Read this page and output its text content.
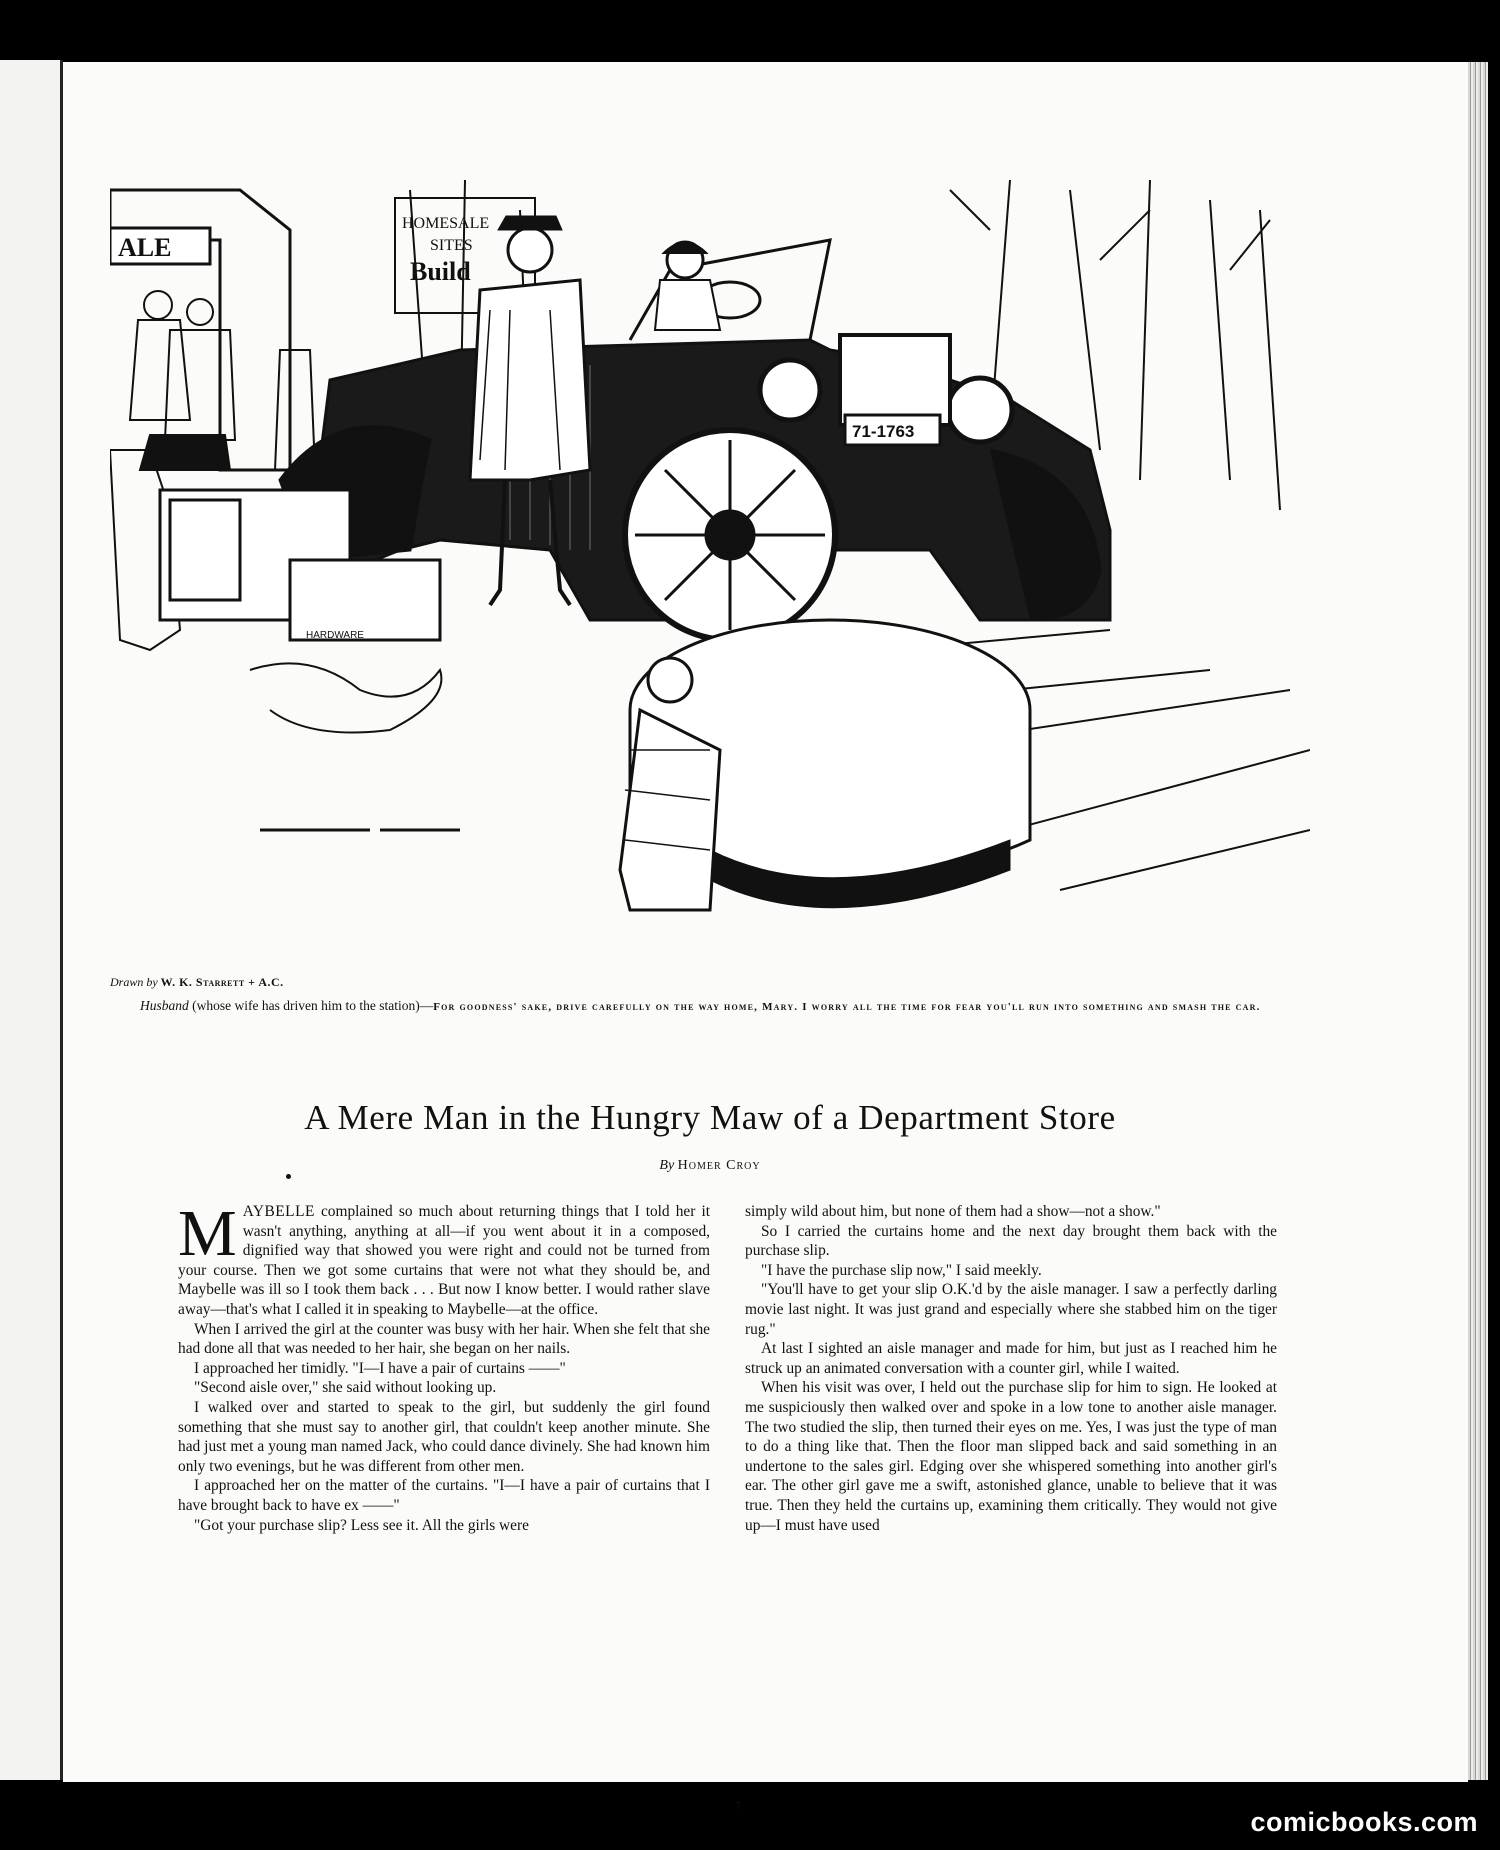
ALE
HOMESALE
SITES
Build
71-1763
HARDWARE
Drawn by W. K. Starrett + A.C.
Husband (whose wife has driven him to the station)—For goodness' sake, drive carefully on the way home, Mary. I worry all the time for fear you'll run into something and smash the car.
A Mere Man in the Hungry Maw of a Department Store
By Homer Croy

MAYBELLE complained so much about returning things that I told her it wasn't anything, anything at all—if you went about it in a composed, dignified way that showed you were right and could not be turned from your course. Then we got some curtains that were not what they should be, and Maybelle was ill so I took them back . . . But now I know better. I would rather slave away—that's what I called it in speaking to Maybelle—at the office.

When I arrived the girl at the counter was busy with her hair. When she felt that she had done all that was needed to her hair, she began on her nails.

I approached her timidly. "I—I have a pair of curtains ——"

"Second aisle over," she said without looking up.

I walked over and started to speak to the girl, but suddenly the girl found something that she must say to another girl, that couldn't keep another minute. She had just met a young man named Jack, who could dance divinely. She had known him only two evenings, but he was different from other men.

I approached her on the matter of the curtains. "I—I have a pair of curtains that I have brought back to have ex ——"

"Got your purchase slip? Less see it. All the girls were

simply wild about him, but none of them had a show—not a show."

So I carried the curtains home and the next day brought them back with the purchase slip.

"I have the purchase slip now," I said meekly.

"You'll have to get your slip O.K.'d by the aisle manager. I saw a perfectly darling movie last night. It was just grand and especially where she stabbed him on the tiger rug."

At last I sighted an aisle manager and made for him, but just as I reached him he struck up an animated conversation with a counter girl, while I waited.

When his visit was over, I held out the purchase slip for him to sign. He looked at me suspiciously then walked over and spoke in a low tone to another aisle manager. The two studied the slip, then turned their eyes on me. Yes, I was just the type of man to do a thing like that. Then the floor man slipped back and said something in an undertone to the sales girl. Edging over she whispered something into another girl's ear. The other girl gave me a swift, astonished glance, unable to believe that it was true. Then they held the curtains up, examining them critically. They would not give up—I must have used

7
comicbooks.com
